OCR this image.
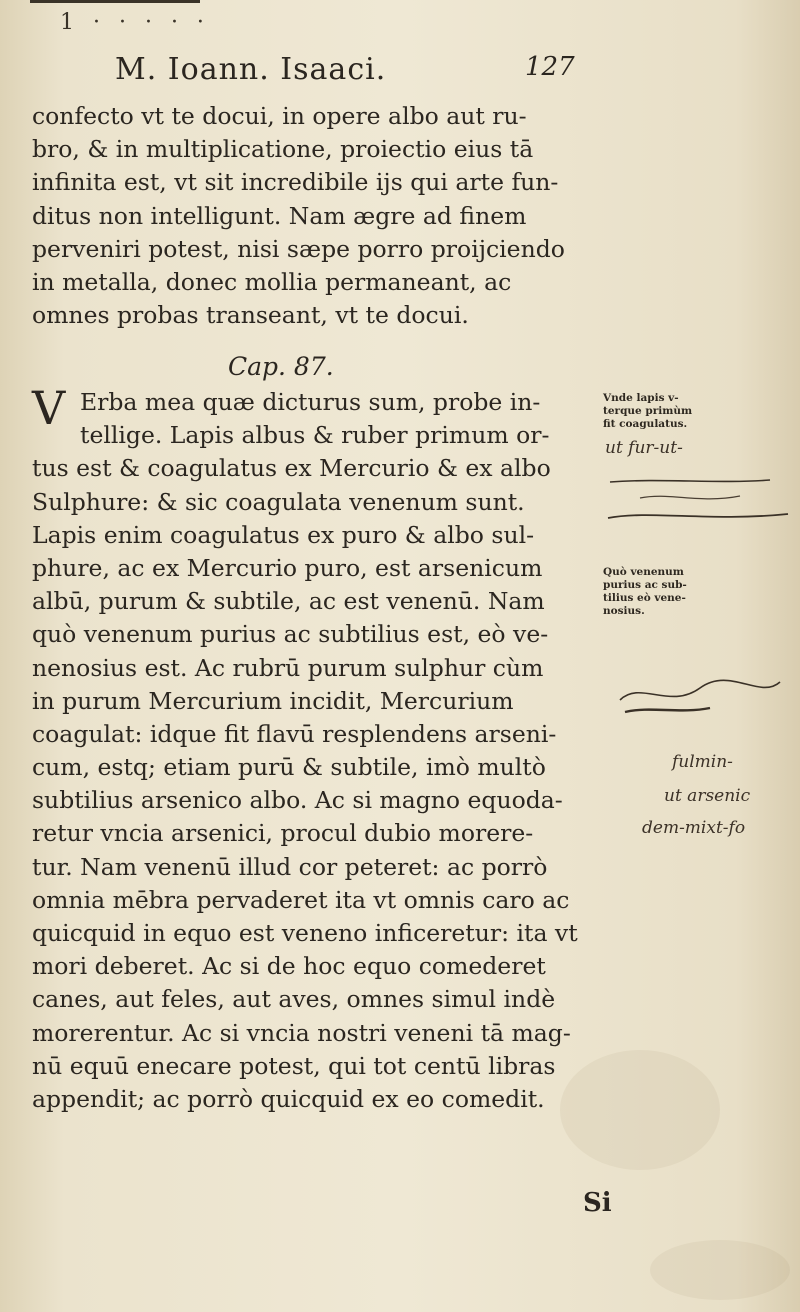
1 · · · · ·
M. Ioann. Isaaci.	127
confecto vt te docui, in opere albo aut ru-
bro, & in multiplicatione, proiectio eius tā
infinita est, vt sit incredibile ijs qui arte fun-
ditus non intelligunt. Nam ægre ad finem
perveniri potest, nisi sæpe porro proijciendo
in metalla, donec mollia permaneant, ac
omnes probas transeant, vt te docui.
Cap. 87.
V Erba mea quæ dicturus sum, probe in-
tellige. Lapis albus & ruber primum or-
tus est & coagulatus ex Mercurio & ex albo
Sulphure: & sic coagulata venenum sunt.
Lapis enim coagulatus ex puro & albo sul-
phure, ac ex Mercurio puro, est arsenicum
albū, purum & subtile, ac est venenū. Nam
quò venenum purius ac subtilius est, eò ve-
nenosius est. Ac rubrū purum sulphur cùm
in purum Mercurium incidit, Mercurium
coagulat: idque fit flavū resplendens arseni-
cum, estq; etiam purū & subtile, imò multò
subtilius arsenico albo. Ac si magno equoda-
retur vncia arsenici, procul dubio morere-
tur. Nam venenū illud cor peteret: ac porrò
omnia mēbra pervaderet ita vt omnis caro ac
quicquid in equo est veneno inficeretur: ita vt
mori deberet. Ac si de hoc equo comederet
canes, aut feles, aut aves, omnes simul indè
morerentur. Ac si vncia nostri veneni tā mag-
nū equū enecare potest, qui tot centū libras
appendit; ac porrò quicquid ex eo comedit.
Si
Vnde lapis v-
terque primùm
fit coagulatus.
Quò venenum
purius ac sub-
tilius eò vene-
nosius.
ut fur-ut-
fulmin-
ut arsenic
dem-mixt-fo
